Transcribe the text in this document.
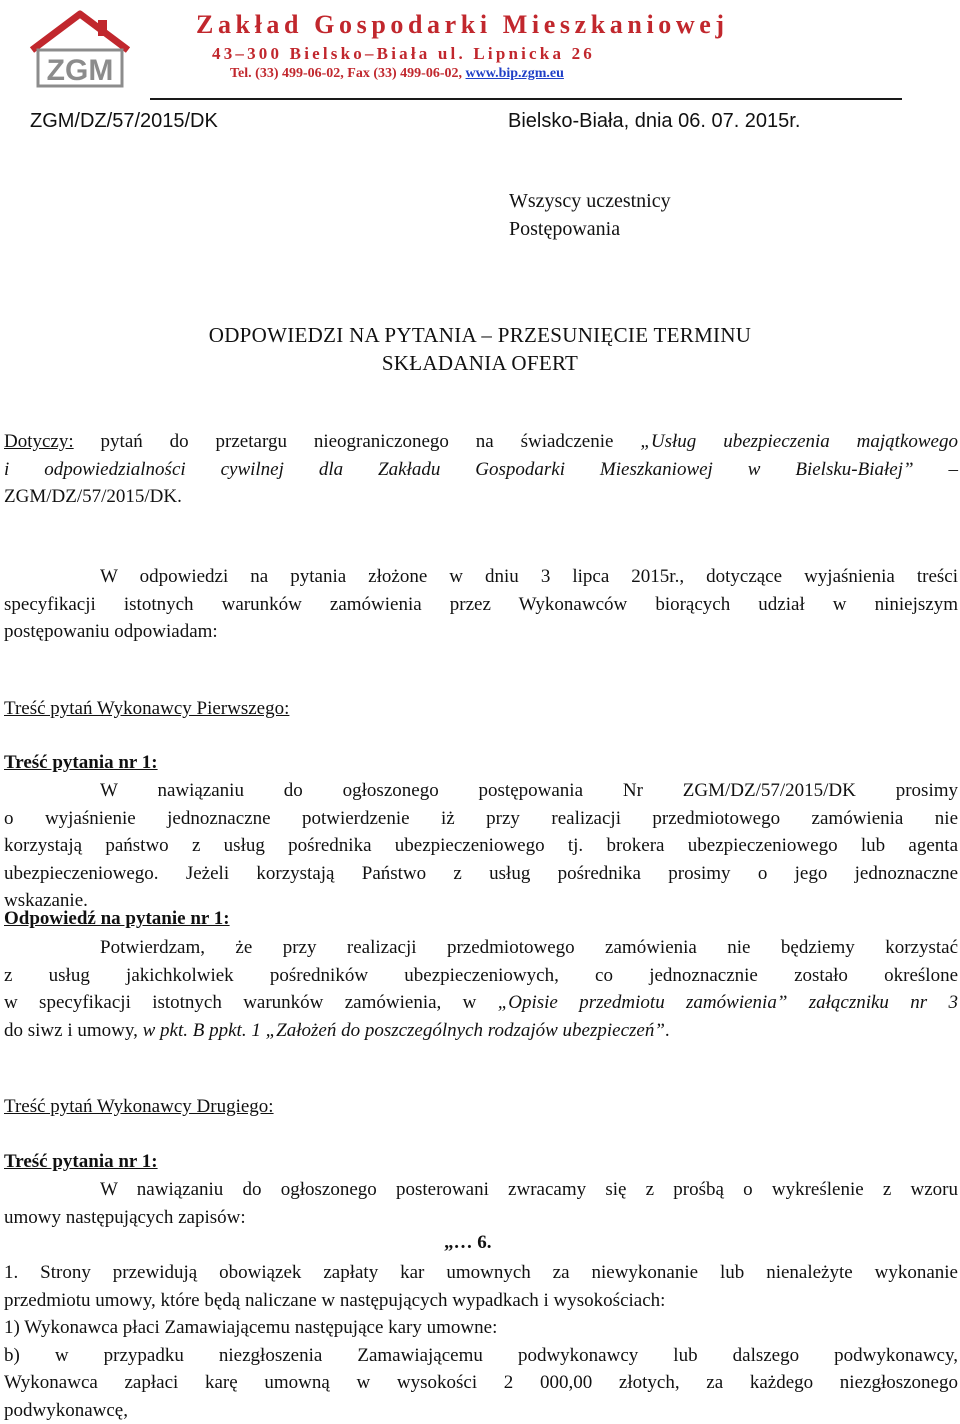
ZGM
Zakład Gospodarki Mieszkaniowej
43–300 Bielsko–Biała ul. Lipnicka 26
Tel. (33) 499-06-02, Fax (33) 499-06-02, www.bip.zgm.eu
ZGM/DZ/57/2015/DK	Bielsko-Biała, dnia 06. 07. 2015r.
Wszyscy uczestnicy
Postępowania
ODPOWIEDZI NA PYTANIA – PRZESUNIĘCIE TERMINU
SKŁADANIA OFERT
Dotyczy: pytań do przetargu nieograniczonego na świadczenie „Usług ubezpieczenia majątkowego
i odpowiedzialności cywilnej dla Zakładu Gospodarki Mieszkaniowej w Bielsku-Białej” –
ZGM/DZ/57/2015/DK.
W odpowiedzi na pytania złożone w dniu 3 lipca 2015r., dotyczące wyjaśnienia treści
specyfikacji istotnych warunków zamówienia przez Wykonawców biorących udział w niniejszym
postępowaniu odpowiadam:
Treść pytań Wykonawcy Pierwszego:
Treść pytania nr 1:
W nawiązaniu do ogłoszonego postępowania Nr ZGM/DZ/57/2015/DK prosimy
o wyjaśnienie jednoznaczne potwierdzenie iż przy realizacji przedmiotowego zamówienia nie
korzystają państwo z usług pośrednika ubezpieczeniowego tj. brokera ubezpieczeniowego lub agenta
ubezpieczeniowego. Jeżeli korzystają Państwo z usług pośrednika prosimy o jego jednoznaczne
wskazanie.
Odpowiedź na pytanie nr 1:
Potwierdzam, że przy realizacji przedmiotowego zamówienia nie będziemy korzystać
z usług jakichkolwiek pośredników ubezpieczeniowych, co jednoznacznie zostało określone
w specyfikacji istotnych warunków zamówienia, w „Opisie przedmiotu zamówienia” załączniku nr 3
do siwz i umowy, w pkt. B ppkt. 1 „Założeń do poszczególnych rodzajów ubezpieczeń”.
Treść pytań Wykonawcy Drugiego:
Treść pytania nr 1:
W nawiązaniu do ogłoszonego posterowani zwracamy się z prośbą o wykreślenie z wzoru
umowy następujących zapisów:
„… 6.
1. Strony przewidują obowiązek zapłaty kar umownych za niewykonanie lub nienależyte wykonanie
przedmiotu umowy, które będą naliczane w następujących wypadkach i wysokościach:
1) Wykonawca płaci Zamawiającemu następujące kary umowne:
b) w przypadku niezgłoszenia Zamawiającemu podwykonawcy lub dalszego podwykonawcy,
Wykonawca zapłaci karę umowną w wysokości 2 000,00 złotych, za każdego niezgłoszonego
podwykonawcę,
